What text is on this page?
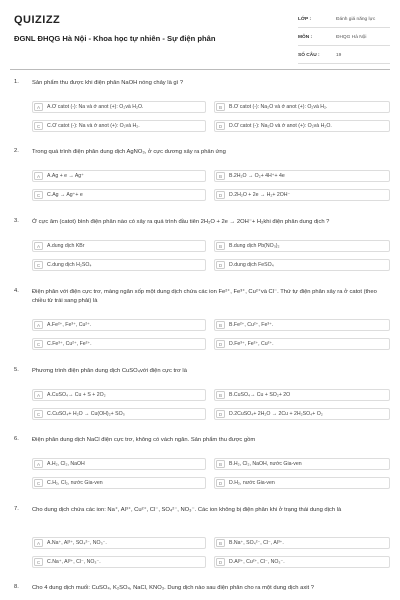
QUIZIZZ
ĐGNL ĐHQG Hà Nội - Khoa học tự nhiên - Sự điện phân
LỚP :	Đánh giá năng lực
MÔN :	ĐHQG Hà Nội
SỐ CÂU :	19
1. Sản phẩm thu được khi điện phân NaOH nóng chảy là gì ?
A	A.Ở catot (-): Na và ở anot (+): O₂và H₂O.	B	B.Ở catot (-): Na₂O và ở anot (+): O₂và H₂.
C	C.Ở catot (-): Na và ở anot (+): O₂và H₂.	D	D.Ở catot (-): Na₂O và ở anot (+): O₂và H₂O.
2. Trong quá trình điện phân dung dịch AgNO₃, ở cực dương xảy ra phản ứng
A	A.Ag + e → Ag⁺	B	B.2H₂O → O₂+ 4H⁺+ 4e
C	C.Ag → Ag⁺+ e	D	D.2H₂O + 2e → H₂+ 2OH⁻
3. Ở cực âm (catot) bình điện phân nào có xảy ra quá trình đầu tiên 2H₂O + 2e → 2OH⁻+ H₂khi điện phân dung dịch ?
A	A.dung dịch KBr	B	B.dung dịch Pb(NO₃)₂
C	C.dung dịch H₂SO₄	D	D.dung dịch FeSO₄
4. Điện phân với điện cực trơ, màng ngăn xốp một dung dịch chứa các ion Fe²⁺, Fe³⁺, Cu²⁺và Cl⁻. Thứ tự điện phân xảy ra ở catot (theo chiều từ trái sang phải) là
A	A.Fe²⁺, Fe³⁺, Cu²⁺.	B	B.Fe²⁺, Cu²⁺, Fe³⁺.
C	C.Fe³⁺, Cu²⁺, Fe²⁺.	D	D.Fe³⁺, Fe²⁺, Cu²⁺.
5. Phương trình điện phân dung dịch CuSO₄với điện cực trơ là
A	A.CuSO₄→ Cu + S + 2O₂	B	B.CuSO₄→ Cu + SO₂+ 2O
C	C.CuSO₄+ H₂O → Cu(OH)₂+ SO₃	D	D.2CuSO₄+ 2H₂O → 2Cu + 2H₂SO₄+ O₂
6. Điện phân dung dịch NaCl điện cực trơ, không có vách ngăn. Sản phẩm thu được gồm
A	A.H₂, Cl₂, NaOH	B	B.H₂, Cl₂, NaOH, nước Gia-ven
C	C.H₂, Cl₂, nước Gia-ven	D	D.H₂, nước Gia-ven
7. Cho dung dịch chứa các ion: Na⁺, Al³⁺, Cu²⁺, Cl⁻, SO₄²⁻, NO₃⁻. Các ion không bị điện phân khi ở trạng thái dung dịch là
A	A.Na⁺, Al³⁺, SO₄²⁻, NO₃⁻.	B	B.Na⁺, SO₄²⁻, Cl⁻, Al³⁺.
C	C.Na⁺, Al³⁺, Cl⁻, NO₃⁻.	D	D.Al³⁺, Cu²⁺, Cl⁻, NO₃⁻.
8. Cho 4 dung dịch muối: CuSO₄, K₂SO₄, NaCl, KNO₃. Dung dịch nào sau điện phân cho ra một dung dịch axit ?
